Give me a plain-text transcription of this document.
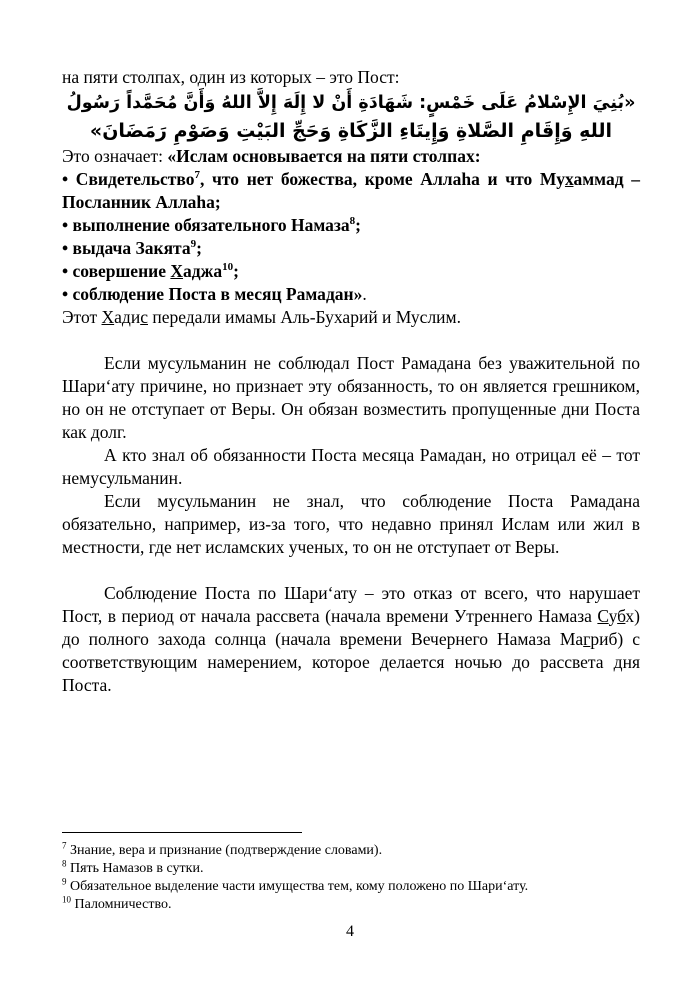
на пяти столпах, один из которых – это Пост:

«بُنِيَ الإِسْلامُ عَلَى خَمْسٍ: شَهَادَةِ أَنْ لا إِلَهَ إِلاَّ اللهُ وَأَنَّ مُحَمَّداً رَسُولُ

اللهِ وَإِقَامِ الصَّلاةِ وَإِيتَاءِ الزَّكَاةِ وَحَجِّ البَيْتِ وَصَوْمِ رَمَضَانَ»

Это означает: «Ислам основывается на пяти столпах:

• Свидетельство$^7$, что нет божества, кроме Аллаhа и что Мухаммад – Посланник Аллаhа;

• выполнение обязательного Намаза$^8$;

• выдача Закята$^9$;

• совершение Хаджа$^{10}$;

• соблюдение Поста в месяц Рамадан».

Этот Хадис передали имамы Аль-Бухарий и Муслим.

Если мусульманин не соблюдал Пост Рамадана без уважительной по Шари‘ату причине, но признает эту обязанность, то он является грешником, но он не отступает от Веры. Он обязан возместить пропущенные дни Поста как долг.

А кто знал об обязанности Поста месяца Рамадан, но отрицал её – тот немусульманин.

Если мусульманин не знал, что соблюдение Поста Рамадана обязательно, например, из-за того, что недавно принял Ислам или жил в местности, где нет исламских ученых, то он не отступает от Веры.

Соблюдение Поста по Шари‘ату – это отказ от всего, что нарушает Пост, в период от начала рассвета (начала времени Утреннего Намаза Субх) до полного захода солнца (начала времени Вечернего Намаза Магриб) с соответствующим намерением, которое делается ночью до рассвета дня Поста.

$^7$ Знание, вера и признание (подтверждение словами).
$^8$ Пять Намазов в сутки.
$^9$ Обязательное выделение части имущества тем, кому положено по Шари‘ату.
$^{10}$ Паломничество.
4
